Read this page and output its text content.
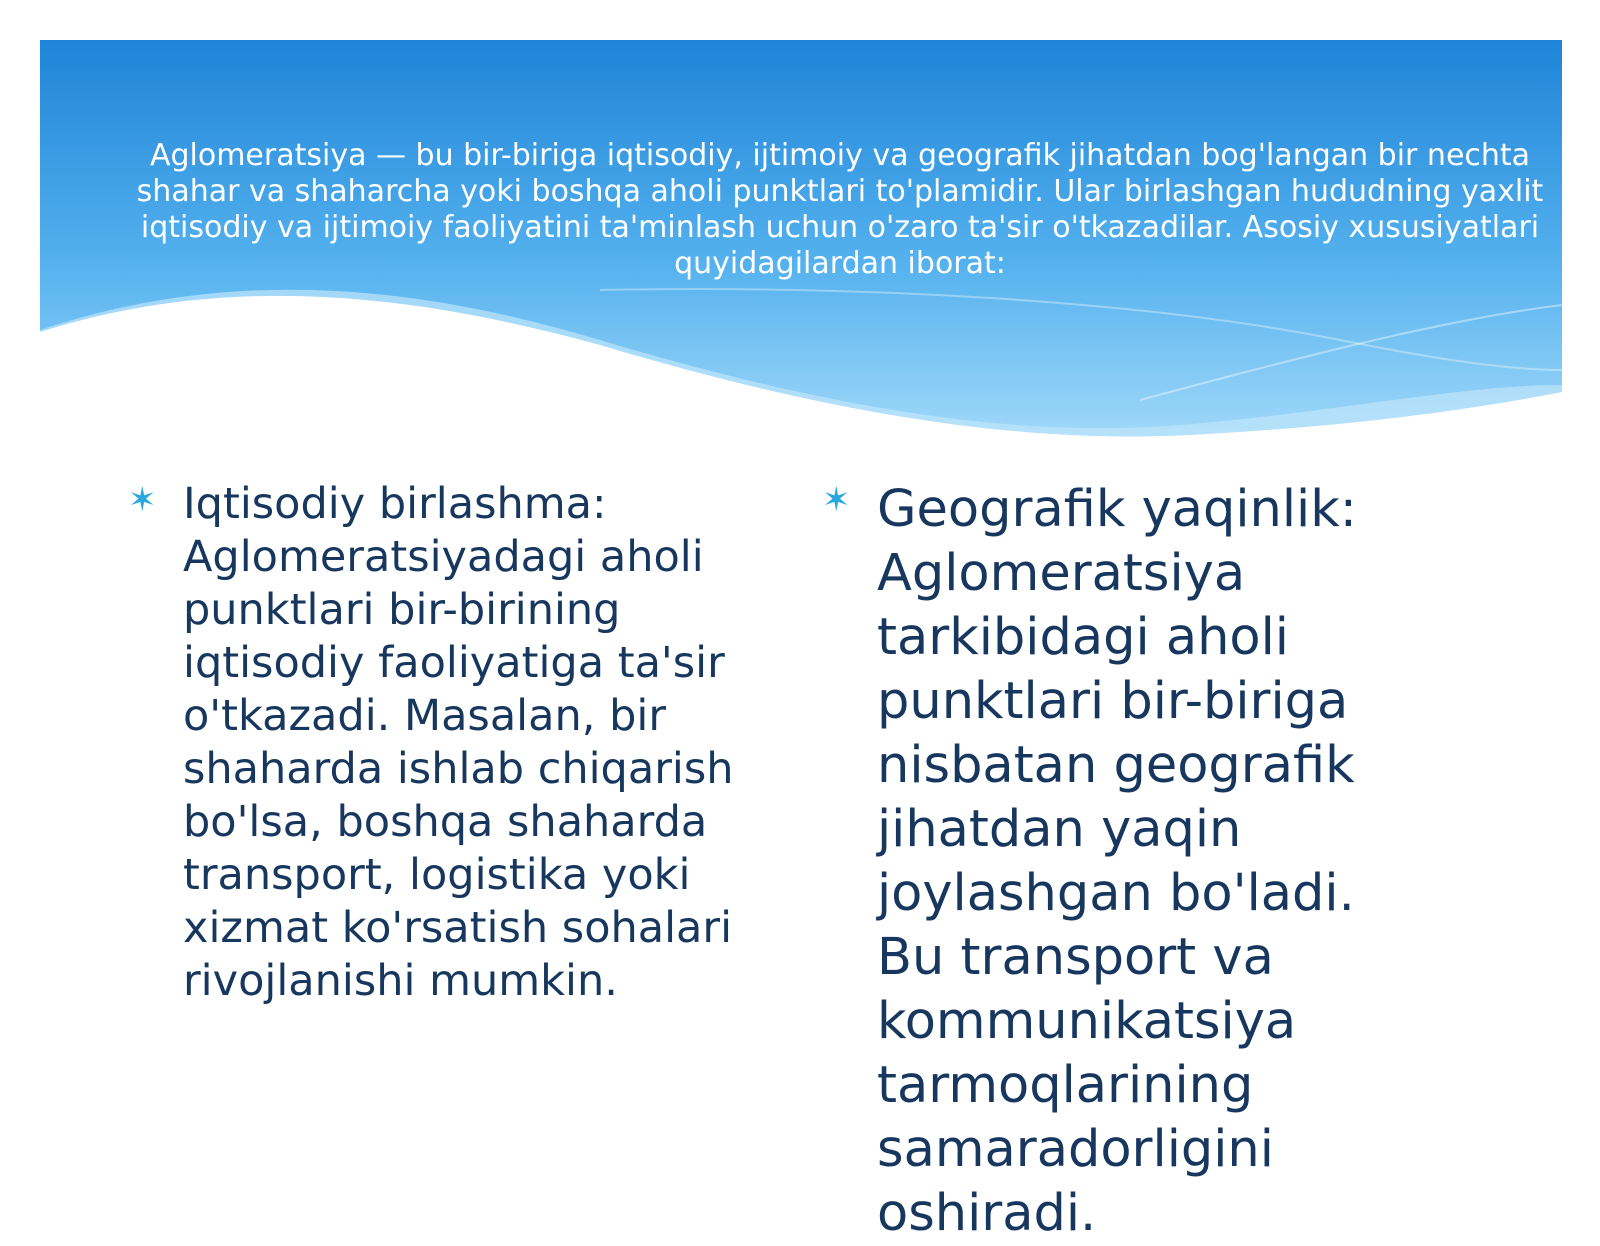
Aglomeratsiya — bu bir-biriga iqtisodiy, ijtimoiy va geografik jihatdan bog'langan bir nechta shahar va shaharcha yoki boshqa aholi punktlari to'plamidir. Ular birlashgan hududning yaxlit iqtisodiy va ijtimoiy faoliyatini ta'minlash uchun o'zaro ta'sir o'tkazadilar. Asosiy xususiyatlari quyidagilardan iborat:

✶ Iqtisodiy birlashma: Aglomeratsiyadagi aholi punktlari bir-birining iqtisodiy faoliyatiga ta'sir o'tkazadi. Masalan, bir shaharda ishlab chiqarish bo'lsa, boshqa shaharda transport, logistika yoki xizmat ko'rsatish sohalari rivojlanishi mumkin.
✶ Geografik yaqinlik: Aglomeratsiya tarkibidagi aholi punktlari bir-biriga nisbatan geografik jihatdan yaqin joylashgan bo'ladi. Bu transport va kommunikatsiya tarmoqlarining samaradorligini oshiradi.
